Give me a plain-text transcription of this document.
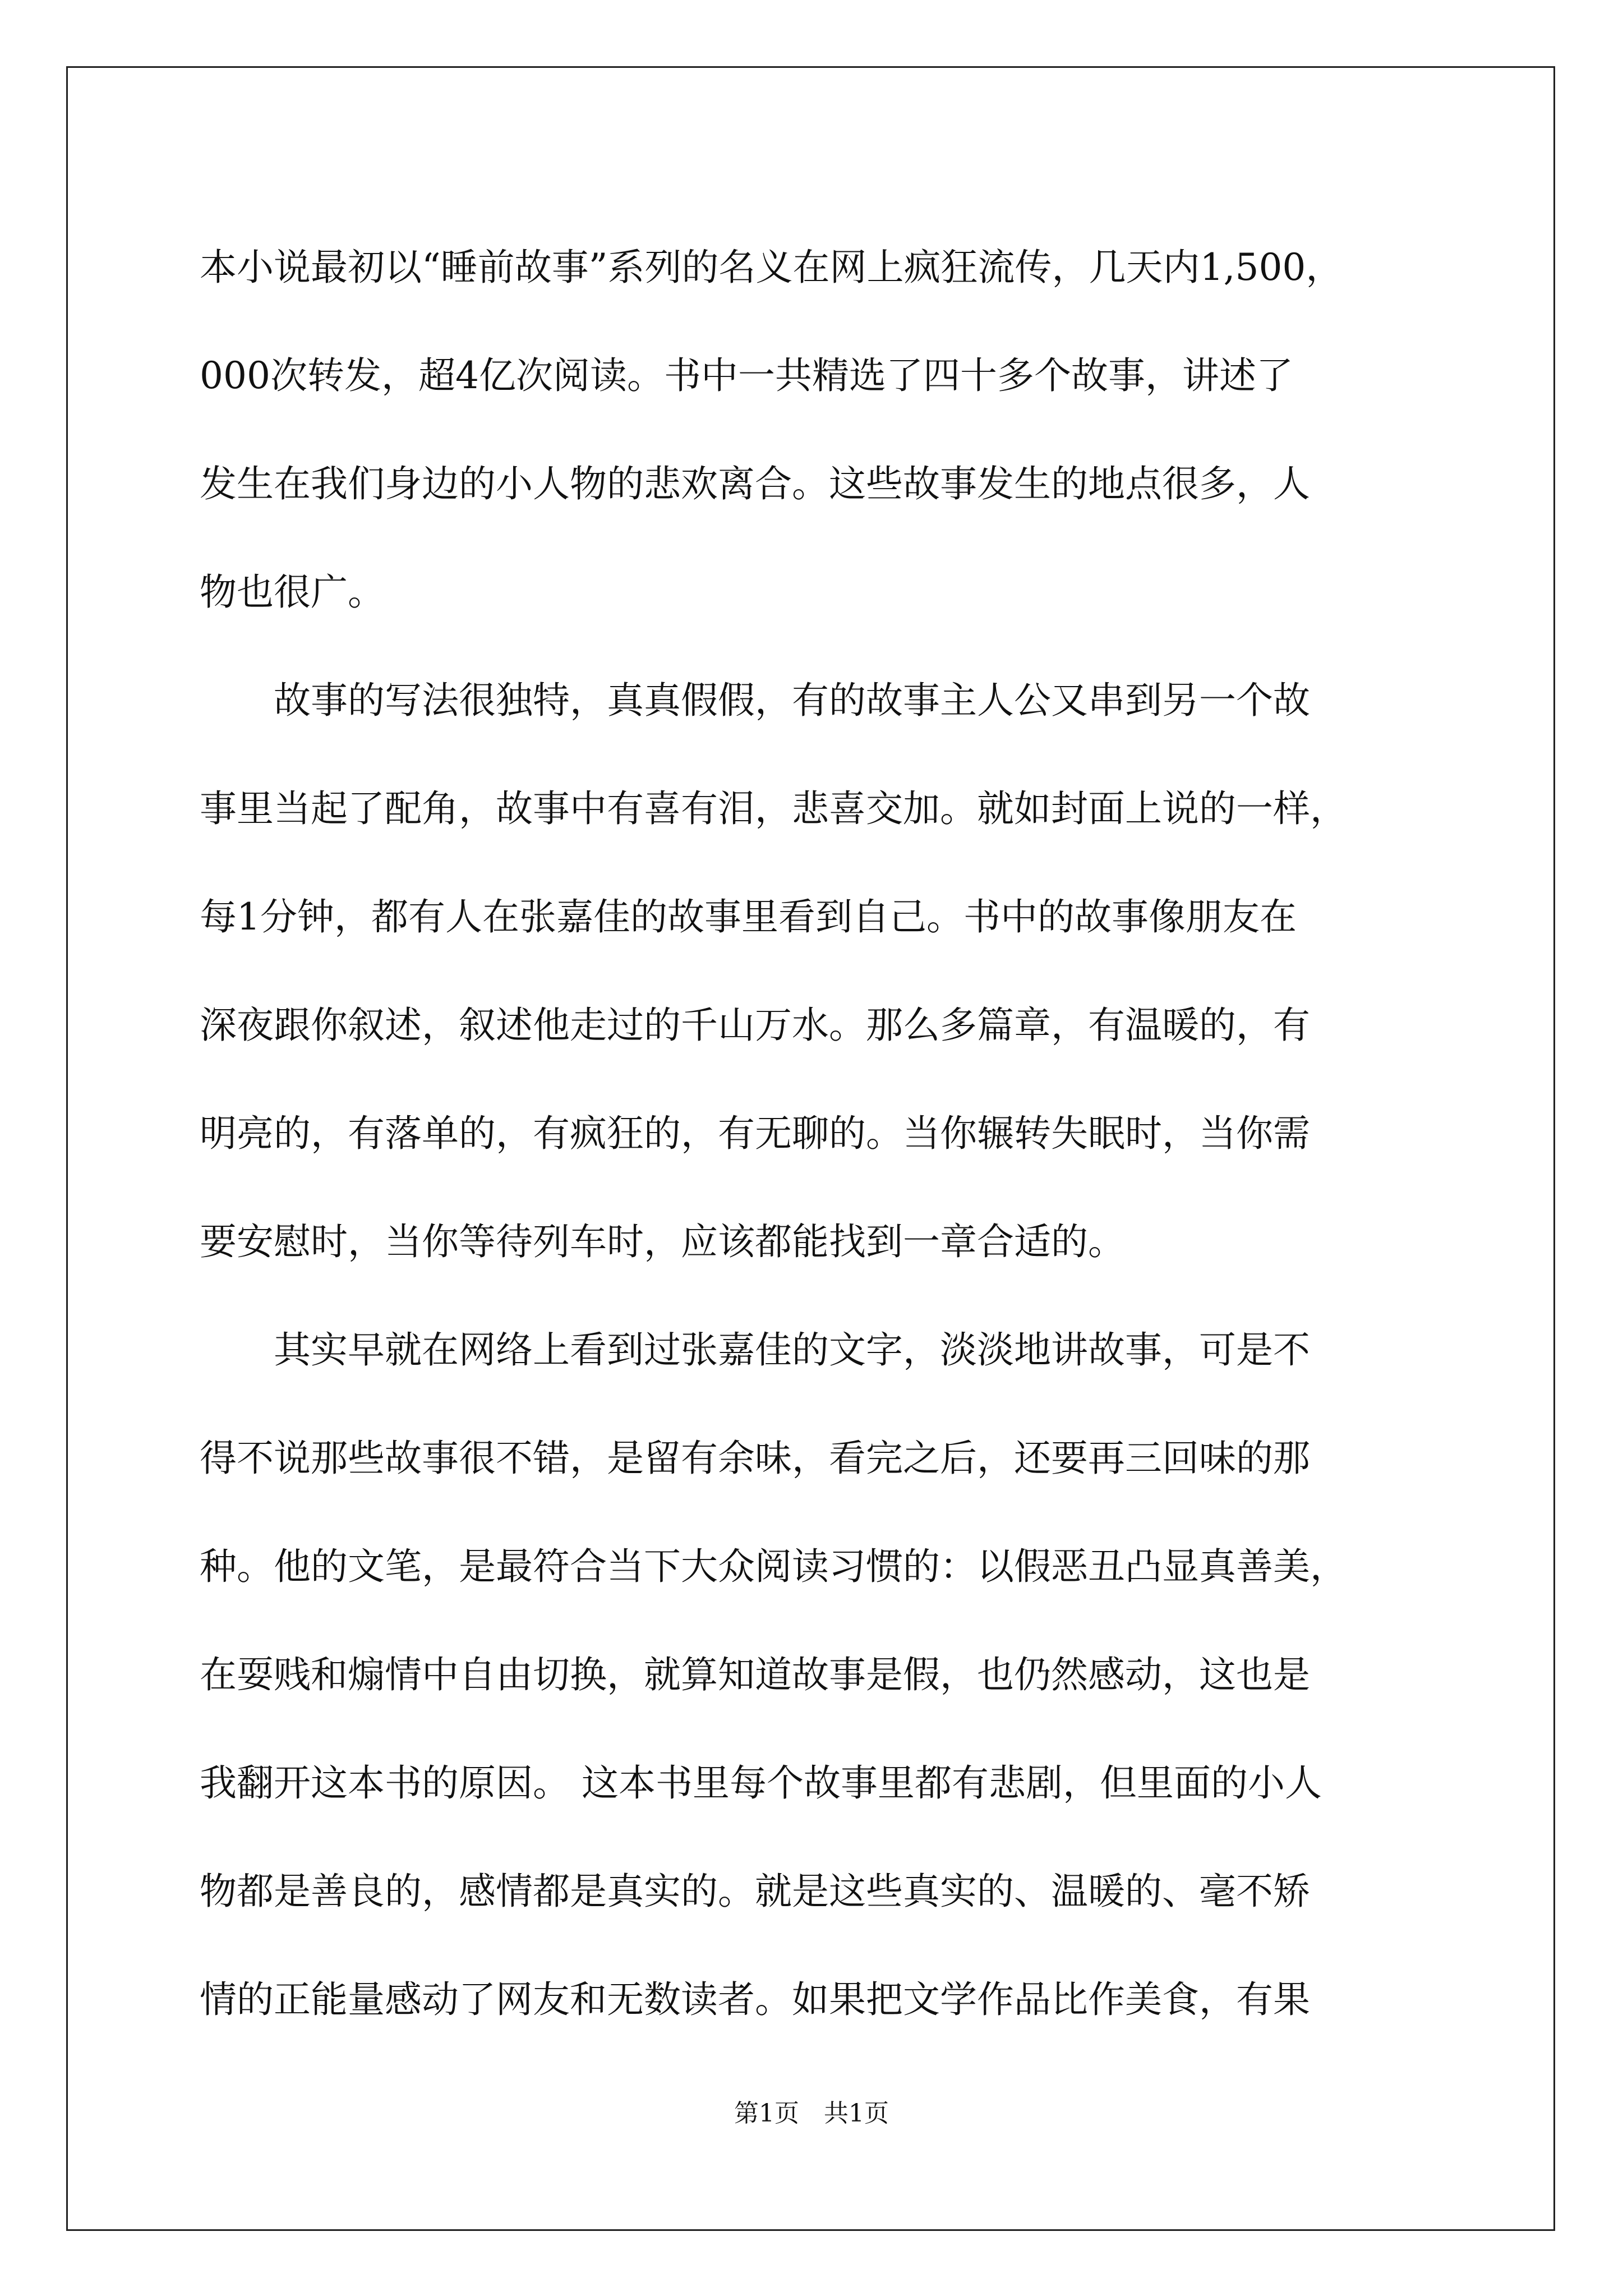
本小说最初以“睡前故事”系列的名义在网上疯狂流传，几天内1,500，
000次转发，超4亿次阅读。书中一共精选了四十多个故事，讲述了
发生在我们身边的小人物的悲欢离合。这些故事发生的地点很多，人
物也很广。
　　故事的写法很独特，真真假假，有的故事主人公又串到另一个故
事里当起了配角，故事中有喜有泪，悲喜交加。就如封面上说的一样，
每1分钟，都有人在张嘉佳的故事里看到自己。书中的故事像朋友在
深夜跟你叙述，叙述他走过的千山万水。那么多篇章，有温暖的，有
明亮的，有落单的，有疯狂的，有无聊的。当你辗转失眠时，当你需
要安慰时，当你等待列车时，应该都能找到一章合适的。
　　其实早就在网络上看到过张嘉佳的文字，淡淡地讲故事，可是不
得不说那些故事很不错，是留有余味，看完之后，还要再三回味的那
种。他的文笔，是最符合当下大众阅读习惯的：以假恶丑凸显真善美，
在耍贱和煽情中自由切换，就算知道故事是假，也仍然感动，这也是
我翻开这本书的原因。 这本书里每个故事里都有悲剧，但里面的小人
物都是善良的，感情都是真实的。就是这些真实的、温暖的、毫不矫
情的正能量感动了网友和无数读者。如果把文学作品比作美食，有果
第1页　共1页
